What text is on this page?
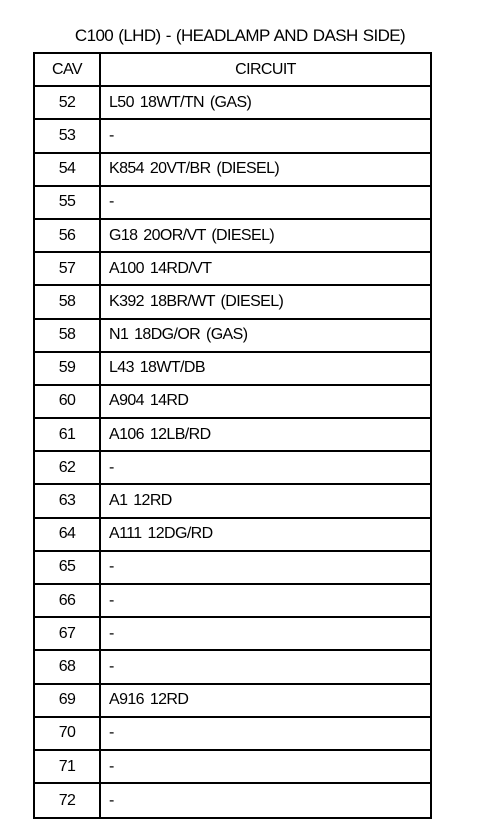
C100 (LHD) - (HEADLAMP AND DASH SIDE)
CAV	CIRCUIT
52	L50 18WT/TN (GAS)
53	-
54	K854 20VT/BR (DIESEL)
55	-
56	G18 20OR/VT (DIESEL)
57	A100 14RD/VT
58	K392 18BR/WT (DIESEL)
58	N1 18DG/OR (GAS)
59	L43 18WT/DB
60	A904 14RD
61	A106 12LB/RD
62	-
63	A1 12RD
64	A111 12DG/RD
65	-
66	-
67	-
68	-
69	A916 12RD
70	-
71	-
72	-
